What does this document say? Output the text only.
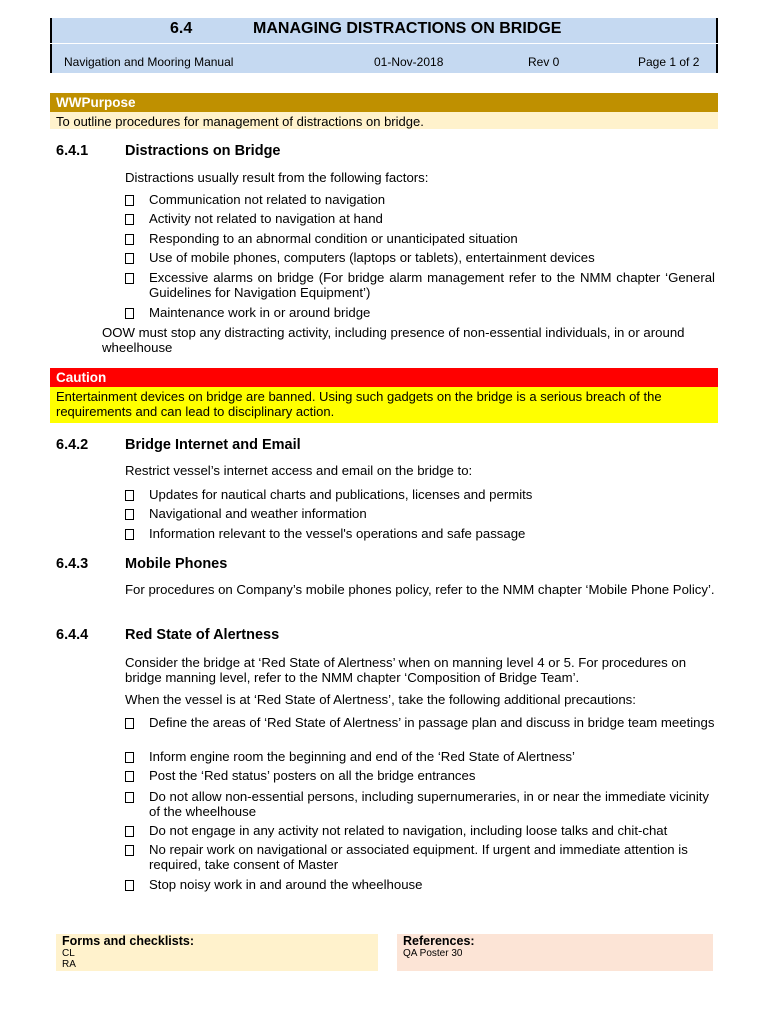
6.4	MANAGING DISTRACTIONS ON BRIDGE
Navigation and Mooring Manual	01-Nov-2018	Rev 0	Page 1 of 2
WWPurpose
To outline procedures for management of distractions on bridge.
6.4.1	Distractions on Bridge
Distractions usually result from the following factors:
Communication not related to navigation
Activity not related to navigation at hand
Responding to an abnormal condition or unanticipated situation
Use of mobile phones, computers (laptops or tablets), entertainment devices
Excessive alarms on bridge (For bridge alarm management refer to the NMM chapter ‘General Guidelines for Navigation Equipment’)
Maintenance work in or around bridge
OOW must stop any distracting activity, including presence of non-essential individuals, in or around wheelhouse
Caution
Entertainment devices on bridge are banned. Using such gadgets on the bridge is a serious breach of the requirements and can lead to disciplinary action.
6.4.2	Bridge Internet and Email
Restrict vessel’s internet access and email on the bridge to:
Updates for nautical charts and publications, licenses and permits
Navigational and weather information
Information relevant to the vessel's operations and safe passage
6.4.3	Mobile Phones
For procedures on Company’s mobile phones policy, refer to the NMM chapter ‘Mobile Phone Policy’.
6.4.4	Red State of Alertness
Consider the bridge at ‘Red State of Alertness’ when on manning level 4 or 5. For procedures on bridge manning level, refer to the NMM chapter ‘Composition of Bridge Team’.
When the vessel is at ‘Red State of Alertness’, take the following additional precautions:
Define the areas of ‘Red State of Alertness’ in passage plan and discuss in bridge team meetings
Inform engine room the beginning and end of the ‘Red State of Alertness’
Post the ‘Red status’ posters on all the bridge entrances
Do not allow non-essential persons, including supernumeraries, in or near the immediate vicinity of the wheelhouse
Do not engage in any activity not related to navigation, including loose talks and chit-chat
No repair work on navigational or associated equipment. If urgent and immediate attention is required, take consent of Master
Stop noisy work in and around the wheelhouse
Forms and checklists:
CL
RA
References:
QA Poster 30
